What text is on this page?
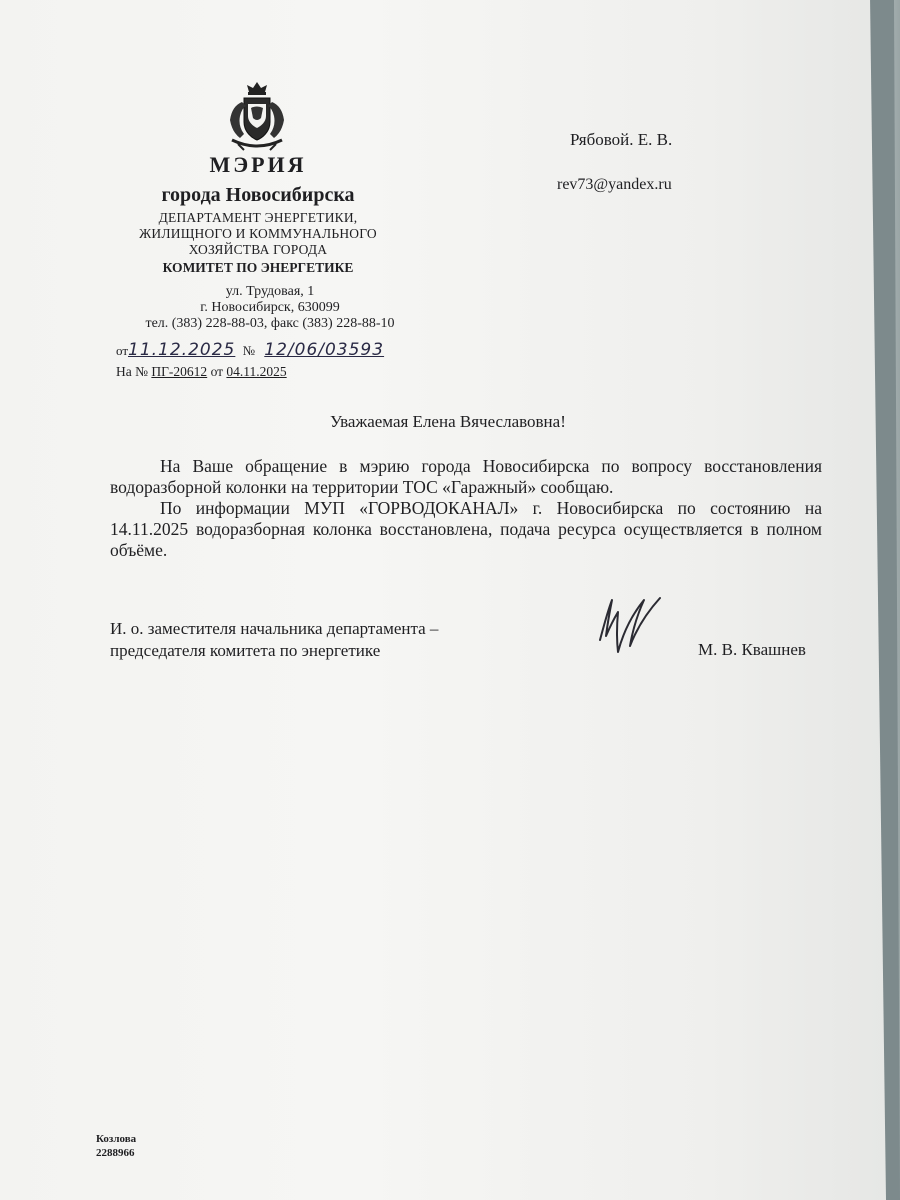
МЭРИЯ
города Новосибирска
ДЕПАРТАМЕНТ ЭНЕРГЕТИКИ,
ЖИЛИЩНОГО И КОММУНАЛЬНОГО
ХОЗЯЙСТВА ГОРОДА
КОМИТЕТ ПО ЭНЕРГЕТИКЕ
ул. Трудовая, 1
г. Новосибирск, 630099
тел. (383) 228-88-03, факс (383) 228-88-10
от11.12.2025 № 12/06/03593
На № ПГ-20612 от 04.11.2025
Рябовой. Е. В.
rev73@yandex.ru
Уважаемая Елена Вячеславовна!

На Ваше обращение в мэрию города Новосибирска по вопросу восстановления водоразборной колонки на территории ТОС «Гаражный» сообщаю.

По информации МУП «ГОРВОДОКАНАЛ» г. Новосибирска по состоянию на 14.11.2025 водоразборная колонка восстановлена, подача ресурса осуществляется в полном объёме.

И. о. заместителя начальника департамента –
председателя комитета по энергетике	М. В. Квашнев
Козлова
2288966
